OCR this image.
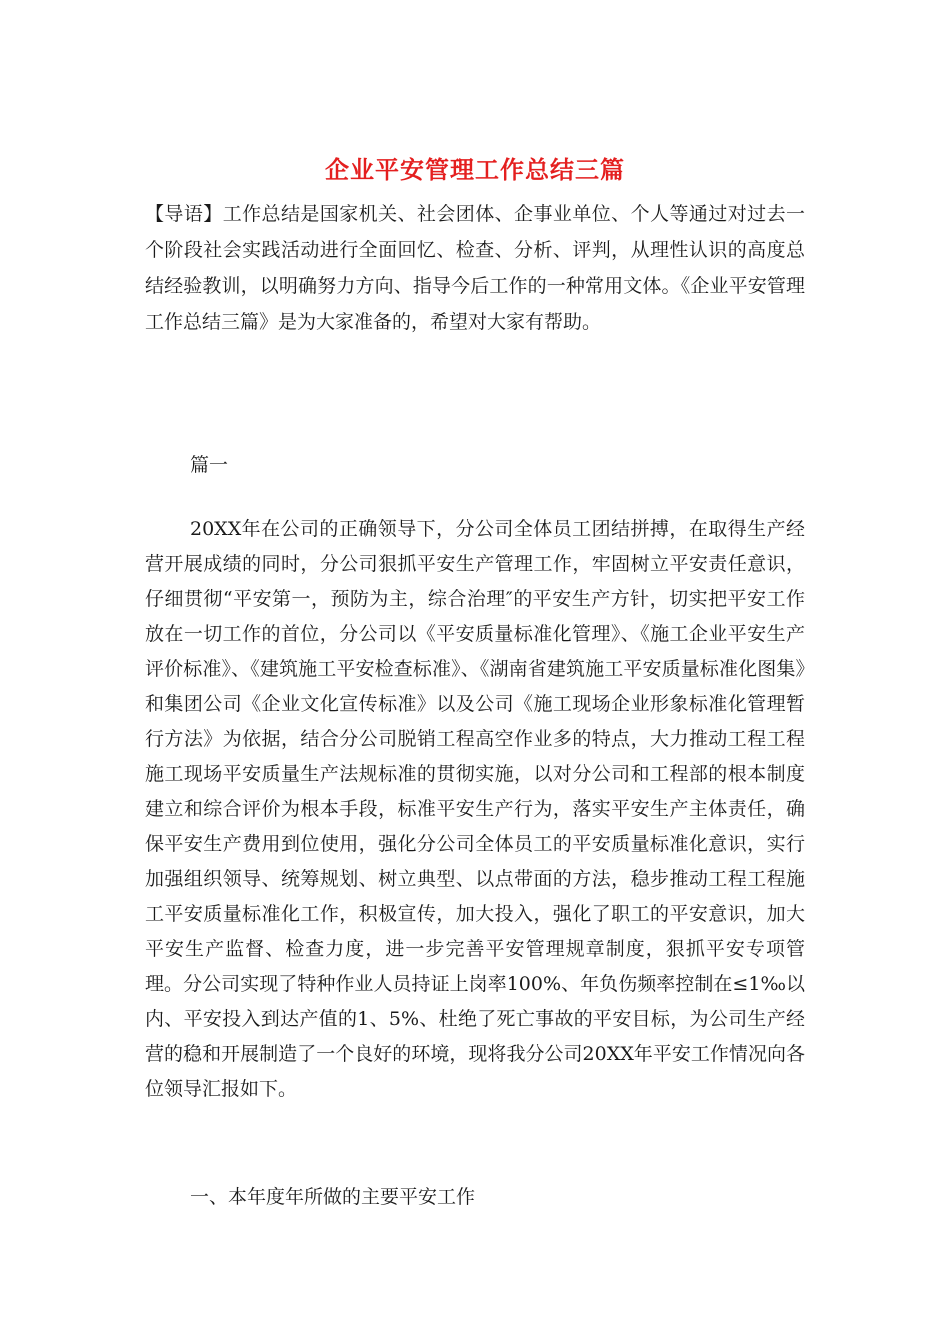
企业平安管理工作总结三篇
【导语】工作总结是国家机关、社会团体、企事业单位、个人等通过对过去一个阶段社会实践活动进行全面回忆、检查、分析、评判，从理性认识的高度总结经验教训，以明确努力方向、指导今后工作的一种常用文体。《企业平安管理工作总结三篇》是为大家准备的，希望对大家有帮助。
篇一
20XX年在公司的正确领导下，分公司全体员工团结拼搏，在取得生产经营开展成绩的同时，分公司狠抓平安生产管理工作，牢固树立平安责任意识，仔细贯彻“平安第一，预防为主，综合治理″的平安生产方针，切实把平安工作放在一切工作的首位，分公司以《平安质量标准化管理》、《施工企业平安生产评价标准》、《建筑施工平安检查标准》、《湖南省建筑施工平安质量标准化图集》和集团公司《企业文化宣传标准》以及公司《施工现场企业形象标准化管理暂行方法》为依据，结合分公司脱销工程高空作业多的特点，大力推动工程工程施工现场平安质量生产法规标准的贯彻实施，以对分公司和工程部的根本制度建立和综合评价为根本手段，标准平安生产行为，落实平安生产主体责任，确保平安生产费用到位使用，强化分公司全体员工的平安质量标准化意识，实行加强组织领导、统筹规划、树立典型、以点带面的方法，稳步推动工程工程施工平安质量标准化工作，积极宣传，加大投入，强化了职工的平安意识，加大平安生产监督、检查力度，进一步完善平安管理规章制度，狠抓平安专项管理。分公司实现了特种作业人员持证上岗率100%、年负伤频率控制在≤1‰以内、平安投入到达产值的1、5%、杜绝了死亡事故的平安目标，为公司生产经营的稳和开展制造了一个良好的环境，现将我分公司20XX年平安工作情况向各位领导汇报如下。
一、本年度年所做的主要平安工作
